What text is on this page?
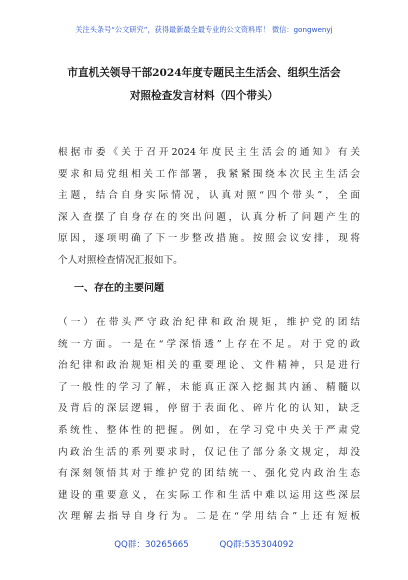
关注头条号“公文研究”，获得最新最全最专业的公文资料库！ 微信：gongwenyj
市直机关领导干部2024年度专题民主生活会、组织生活会
对照检查发言材料（四个带头）
根据市委《关于召开2024年度民主生活会的通知》有关
要求和局党组相关工作部署，我紧紧围绕本次民主生活会
主题，结合自身实际情况，认真对照“四个带头”，全面
深入查摆了自身存在的突出问题，认真分析了问题产生的
原因，逐项明确了下一步整改措施。按照会议安排，现将
个人对照检查情况汇报如下。
一、存在的主要问题
（一）在带头严守政治纪律和政治规矩，维护党的团结
统一方面。一是在“学深悟透”上存在不足。对于党的政
治纪律和政治规矩相关的重要理论、文件精神，只是进行
了一般性的学习了解，未能真正深入挖掘其内涵、精髓以
及背后的深层逻辑，停留于表面化、碎片化的认知，缺乏
系统性、整体性的把握。例如，在学习党中央关于严肃党
内政治生活的系列要求时，仅记住了部分条文规定，却没
有深刻领悟其对于维护党的团结统一、强化党内政治生态
建设的重要意义，在实际工作和生活中难以运用这些深层
次理解去指导自身行为。二是在“学用结合”上还有短板
QQ群：30265665	QQ群:535304092
